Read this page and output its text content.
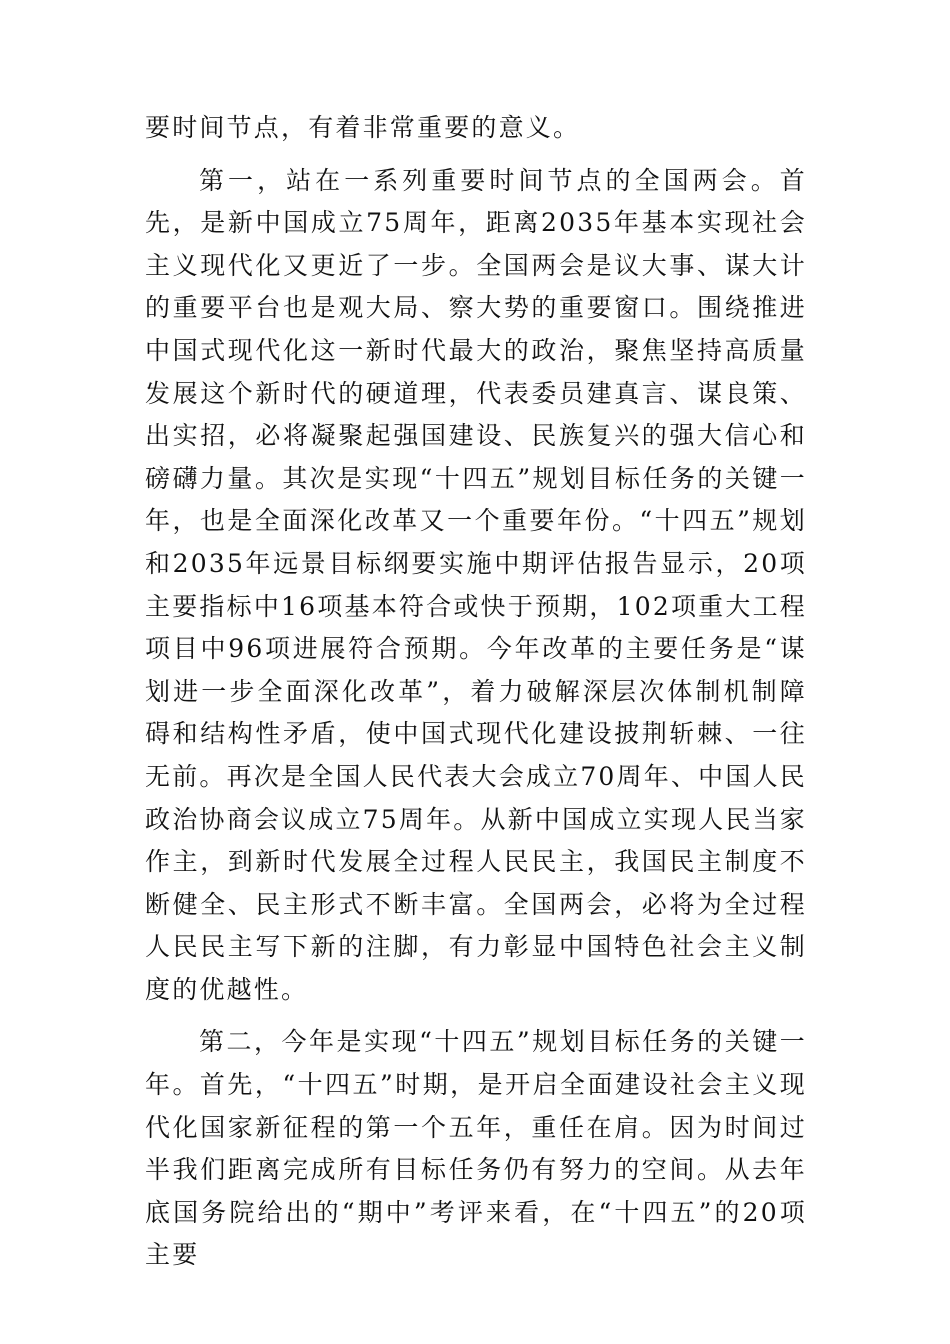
要时间节点，有着非常重要的意义。

第一，站在一系列重要时间节点的全国两会。首先，是新中国成立75周年，距离2035年基本实现社会主义现代化又更近了一步。全国两会是议大事、谋大计的重要平台也是观大局、察大势的重要窗口。围绕推进中国式现代化这一新时代最大的政治，聚焦坚持高质量发展这个新时代的硬道理，代表委员建真言、谋良策、出实招，必将凝聚起强国建设、民族复兴的强大信心和磅礴力量。其次是实现“十四五”规划目标任务的关键一年，也是全面深化改革又一个重要年份。“十四五”规划和2035年远景目标纲要实施中期评估报告显示，20项主要指标中16项基本符合或快于预期，102项重大工程项目中96项进展符合预期。今年改革的主要任务是“谋划进一步全面深化改革”，着力破解深层次体制机制障碍和结构性矛盾，使中国式现代化建设披荆斩棘、一往无前。再次是全国人民代表大会成立70周年、中国人民政治协商会议成立75周年。从新中国成立实现人民当家作主，到新时代发展全过程人民民主，我国民主制度不断健全、民主形式不断丰富。全国两会，必将为全过程人民民主写下新的注脚，有力彰显中国特色社会主义制度的优越性。

第二，今年是实现“十四五”规划目标任务的关键一年。首先，“十四五”时期，是开启全面建设社会主义现代化国家新征程的第一个五年，重任在肩。因为时间过半我们距离完成所有目标任务仍有努力的空间。从去年底国务院给出的“期中”考评来看，在“十四五”的20项主要
